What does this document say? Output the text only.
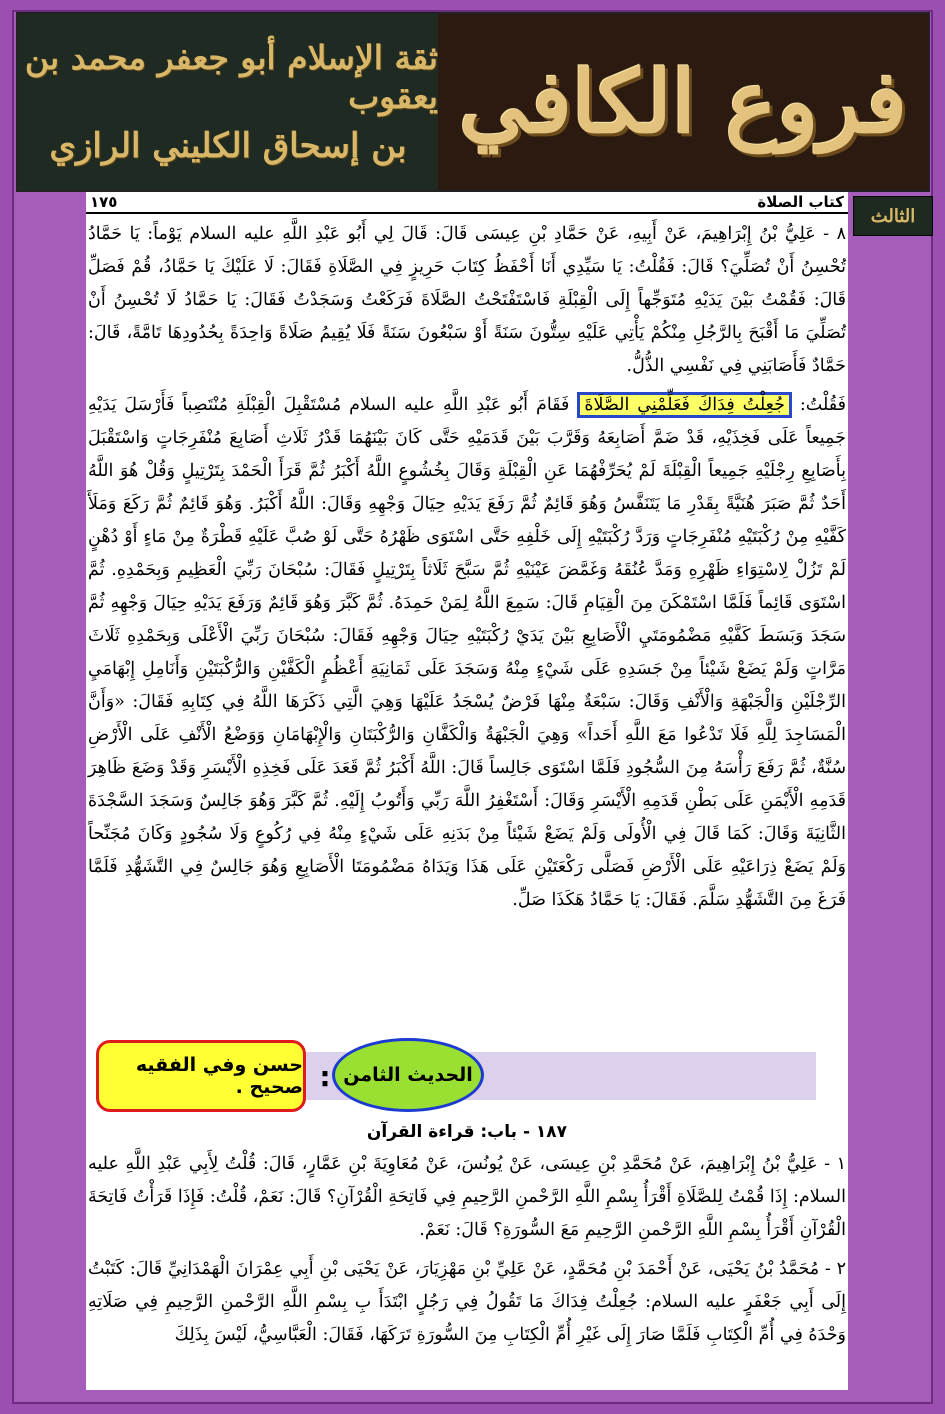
ثقة الإسلام أبو جعفر محمد بن يعقوب
بن إسحاق الكليني الرازي فروع الكافي
الثالث
كتاب الصلاة
١٧٥

٨ - عَلِيُّ بْنُ إِبْرَاهِيمَ، عَنْ أَبِيهِ، عَنْ حَمَّادِ بْنِ عِيسَى قَالَ: قَالَ لِي أَبُو عَبْدِ اللَّهِ عليه السلام يَوْماً: يَا حَمَّادُ تُحْسِنُ أَنْ تُصَلِّيَ؟ قَالَ: فَقُلْتُ: يَا سَيِّدِي أَنَا أَحْفَظُ كِتَابَ حَرِيزٍ فِي الصَّلَاةِ فَقَالَ: لَا عَلَيْكَ يَا حَمَّادُ، قُمْ فَصَلِّ قَالَ: فَقُمْتُ بَيْنَ يَدَيْهِ مُتَوَجِّهاً إِلَى الْقِبْلَةِ فَاسْتَفْتَحْتُ الصَّلَاةَ فَرَكَعْتُ وَسَجَدْتُ فَقَالَ: يَا حَمَّادُ لَا تُحْسِنُ أَنْ تُصَلِّيَ مَا أَقْبَحَ بِالرَّجُلِ مِنْكُمْ يَأْتِي عَلَيْهِ سِتُّونَ سَنَةً أَوْ سَبْعُونَ سَنَةً فَلَا يُقِيمُ صَلَاةً وَاحِدَةً بِحُدُودِهَا تَامَّةً، قَالَ: حَمَّادٌ فَأَصَابَنِي فِي نَفْسِي الذُّلُّ.

فَقُلْتُ: جُعِلْتُ فِدَاكَ فَعَلِّمْنِي الصَّلَاةَ فَقَامَ أَبُو عَبْدِ اللَّهِ عليه السلام مُسْتَقْبِلَ الْقِبْلَةِ مُنْتَصِباً فَأَرْسَلَ يَدَيْهِ جَمِيعاً عَلَى فَخِذَيْهِ، قَدْ ضَمَّ أَصَابِعَهُ وَقَرَّبَ بَيْنَ قَدَمَيْهِ حَتَّى كَانَ بَيْنَهُمَا قَدْرُ ثَلَاثِ أَصَابِعَ مُنْفَرِجَاتٍ وَاسْتَقْبَلَ بِأَصَابِعِ رِجْلَيْهِ جَمِيعاً الْقِبْلَةَ لَمْ يُحَرِّفْهُمَا عَنِ الْقِبْلَةِ وَقَالَ بِخُشُوعٍ اللَّهُ أَكْبَرُ ثُمَّ قَرَأَ الْحَمْدَ بِتَرْتِيلٍ وَقُلْ هُوَ اللَّهُ أَحَدٌ ثُمَّ صَبَرَ هُنَيَّةً بِقَدْرِ مَا يَتَنَفَّسُ وَهُوَ قَائِمٌ ثُمَّ رَفَعَ يَدَيْهِ حِيَالَ وَجْهِهِ وَقَالَ: اللَّهُ أَكْبَرُ. وَهُوَ قَائِمٌ ثُمَّ رَكَعَ وَمَلَأَ كَفَّيْهِ مِنْ رُكْبَتَيْهِ مُنْفَرِجَاتٍ وَرَدَّ رُكْبَتَيْهِ إِلَى خَلْفِهِ حَتَّى اسْتَوَى ظَهْرُهُ حَتَّى لَوْ صُبَّ عَلَيْهِ قَطْرَةٌ مِنْ مَاءٍ أَوْ دُهْنٍ لَمْ تَزُلْ لِاسْتِوَاءِ ظَهْرِهِ وَمَدَّ عُنُقَهُ وَغَمَّضَ عَيْنَيْهِ ثُمَّ سَبَّحَ ثَلَاثاً بِتَرْتِيلٍ فَقَالَ: سُبْحَانَ رَبِّيَ الْعَظِيمِ وَبِحَمْدِهِ. ثُمَّ اسْتَوَى قَائِماً فَلَمَّا اسْتَمْكَنَ مِنَ الْقِيَامِ قَالَ: سَمِعَ اللَّهُ لِمَنْ حَمِدَهُ. ثُمَّ كَبَّرَ وَهُوَ قَائِمٌ وَرَفَعَ يَدَيْهِ حِيَالَ وَجْهِهِ ثُمَّ سَجَدَ وَبَسَطَ كَفَّيْهِ مَضْمُومَتَيِ الْأَصَابِعِ بَيْنَ يَدَيْ رُكْبَتَيْهِ حِيَالَ وَجْهِهِ فَقَالَ: سُبْحَانَ رَبِّيَ الْأَعْلَى وَبِحَمْدِهِ ثَلَاثَ مَرَّاتٍ وَلَمْ يَضَعْ شَيْئاً مِنْ جَسَدِهِ عَلَى شَيْءٍ مِنْهُ وَسَجَدَ عَلَى ثَمَانِيَةِ أَعْظُمٍ الْكَفَّيْنِ وَالرُّكْبَتَيْنِ وَأَنَامِلِ إِبْهَامَيِ الرِّجْلَيْنِ وَالْجَبْهَةِ وَالْأَنْفِ وَقَالَ: سَبْعَةٌ مِنْهَا فَرْضٌ يُسْجَدُ عَلَيْهَا وَهِيَ الَّتِي ذَكَرَهَا اللَّهُ فِي كِتَابِهِ فَقَالَ: «وَأَنَّ الْمَسَاجِدَ لِلَّهِ فَلَا تَدْعُوا مَعَ اللَّهِ أَحَداً» وَهِيَ الْجَبْهَةُ وَالْكَفَّانِ وَالرُّكْبَتَانِ وَالْإِبْهَامَانِ وَوَضْعُ الْأَنْفِ عَلَى الْأَرْضِ سُنَّةٌ، ثُمَّ رَفَعَ رَأْسَهُ مِنَ السُّجُودِ فَلَمَّا اسْتَوَى جَالِساً قَالَ: اللَّهُ أَكْبَرُ ثُمَّ قَعَدَ عَلَى فَخِذِهِ الْأَيْسَرِ وَقَدْ وَضَعَ ظَاهِرَ قَدَمِهِ الْأَيْمَنِ عَلَى بَطْنِ قَدَمِهِ الْأَيْسَرِ وَقَالَ: أَسْتَغْفِرُ اللَّهَ رَبِّي وَأَتُوبُ إِلَيْهِ. ثُمَّ كَبَّرَ وَهُوَ جَالِسٌ وَسَجَدَ السَّجْدَةَ الثَّانِيَةَ وَقَالَ: كَمَا قَالَ فِي الْأُولَى وَلَمْ يَضَعْ شَيْئاً مِنْ بَدَنِهِ عَلَى شَيْءٍ مِنْهُ فِي رُكُوعٍ وَلَا سُجُودٍ وَكَانَ مُجَنِّحاً وَلَمْ يَضَعْ ذِرَاعَيْهِ عَلَى الْأَرْضِ فَصَلَّى رَكْعَتَيْنِ عَلَى هَذَا وَيَدَاهُ مَضْمُومَتَا الْأَصَابِعِ وَهُوَ جَالِسٌ فِي التَّشَهُّدِ فَلَمَّا فَرَغَ مِنَ التَّشَهُّدِ سَلَّمَ. فَقَالَ: يَا حَمَّادُ هَكَذَا صَلِّ.

حسن وفي الفقيه صحيح . : الحديث الثامن
١٨٧ - باب: قراءة القرآن

١ - عَلِيُّ بْنُ إِبْرَاهِيمَ، عَنْ مُحَمَّدِ بْنِ عِيسَى، عَنْ يُونُسَ، عَنْ مُعَاوِيَةَ بْنِ عَمَّارٍ، قَالَ: قُلْتُ لِأَبِي عَبْدِ اللَّهِ عليه السلام: إِذَا قُمْتُ لِلصَّلَاةِ أَقْرَأُ بِسْمِ اللَّهِ الرَّحْمنِ الرَّحِيمِ فِي فَاتِحَةِ الْقُرْآنِ؟ قَالَ: نَعَمْ، قُلْتُ: فَإِذَا قَرَأْتُ فَاتِحَةَ الْقُرْآنِ أَقْرَأُ بِسْمِ اللَّهِ الرَّحْمنِ الرَّحِيمِ مَعَ السُّورَةِ؟ قَالَ: نَعَمْ.

٢ - مُحَمَّدُ بْنُ يَحْيَى، عَنْ أَحْمَدَ بْنِ مُحَمَّدٍ، عَنْ عَلِيِّ بْنِ مَهْزِيَارَ، عَنْ يَحْيَى بْنِ أَبِي عِمْرَانَ الْهَمْدَانِيِّ قَالَ: كَتَبْتُ إِلَى أَبِي جَعْفَرٍ عليه السلام: جُعِلْتُ فِدَاكَ مَا تَقُولُ فِي رَجُلٍ ابْتَدَأَ بِ بِسْمِ اللَّهِ الرَّحْمنِ الرَّحِيمِ فِي صَلَاتِهِ وَحْدَهُ فِي أُمِّ الْكِتَابِ فَلَمَّا صَارَ إِلَى غَيْرِ أُمِّ الْكِتَابِ مِنَ السُّورَةِ تَرَكَهَا، فَقَالَ: الْعَبَّاسِيُّ، لَيْسَ بِذَلِكَ
